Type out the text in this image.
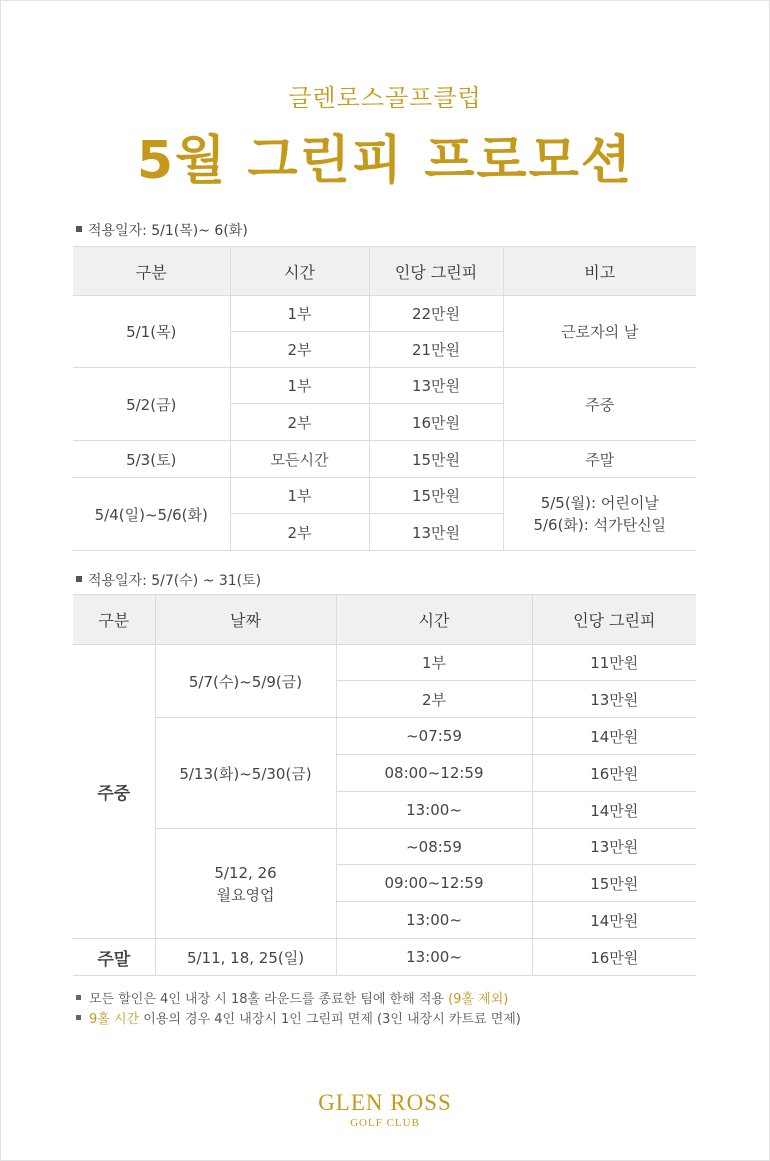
글렌로스골프클럽
5월 그린피 프로모션
적용일자: 5/1(목)~ 6(화)
구분	시간	인당 그린피	비고
5/1(목)	1부	22만원	근로자의 날
	2부	21만원	
5/2(금)	1부	13만원	주중
	2부	16만원	
5/3(토)	모든시간	15만원	주말
5/4(일)~5/6(화)	1부	15만원	5/5(월): 어린이날
5/6(화): 석가탄신일

	2부	13만원	
적용일자: 5/7(수) ~ 31(토)
구분	날짜	시간	인당 그린피
주중	5/7(수)~5/9(금)	1부	11만원
		2부	13만원
	5/13(화)~5/30(금)	~07:59	14만원
		08:00~12:59	16만원
		13:00~	14만원

	5/12, 26
월요영업	~08:59	13만원
		09:00~12:59	15만원
		13:00~	14만원
주말	5/11, 18, 25(일)	13:00~	16만원
모든 할인은 4인 내장 시 18홀 라운드를 종료한 팀에 한해 적용 (9홀 제외)
9홀 시간 이용의 경우 4인 내장시 1인 그린피 면제 (3인 내장시 카트료 면제)
GLEN ROSS
GOLF CLUB
